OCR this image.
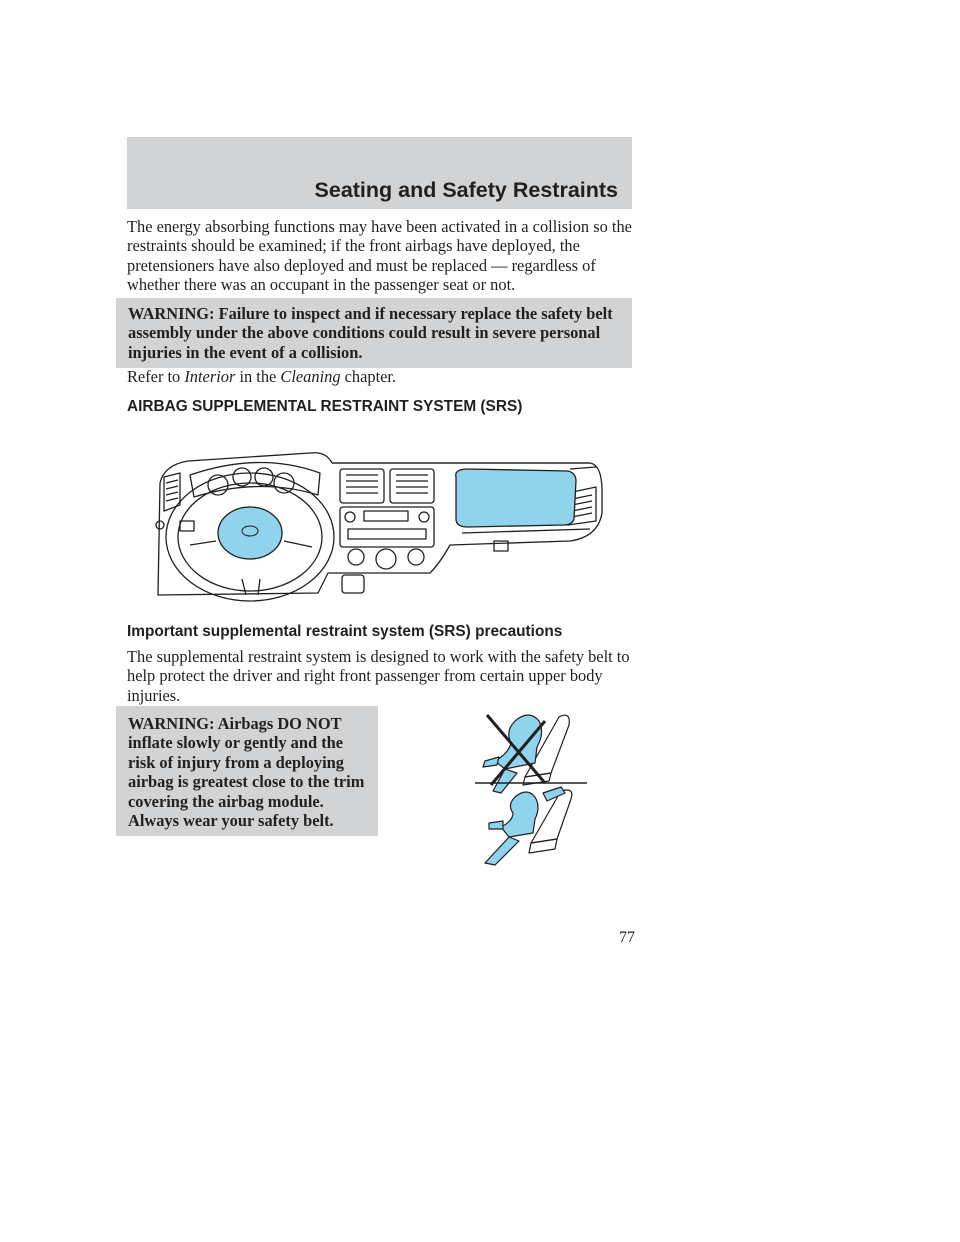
Seating and Safety Restraints

The energy absorbing functions may have been activated in a collision so the restraints should be examined; if the front airbags have deployed, the pretensioners have also deployed and must be replaced — regardless of whether there was an occupant in the passenger seat or not.

WARNING: Failure to inspect and if necessary replace the safety belt assembly under the above conditions could result in severe personal injuries in the event of a collision.

Refer to Interior in the Cleaning chapter.
AIRBAG SUPPLEMENTAL RESTRAINT SYSTEM (SRS)
Important supplemental restraint system (SRS) precautions

The supplemental restraint system is designed to work with the safety belt to help protect the driver and right front passenger from certain upper body injuries.

WARNING: Airbags DO NOT inflate slowly or gently and the risk of injury from a deploying airbag is greatest close to the trim covering the airbag module. Always wear your safety belt.

77
